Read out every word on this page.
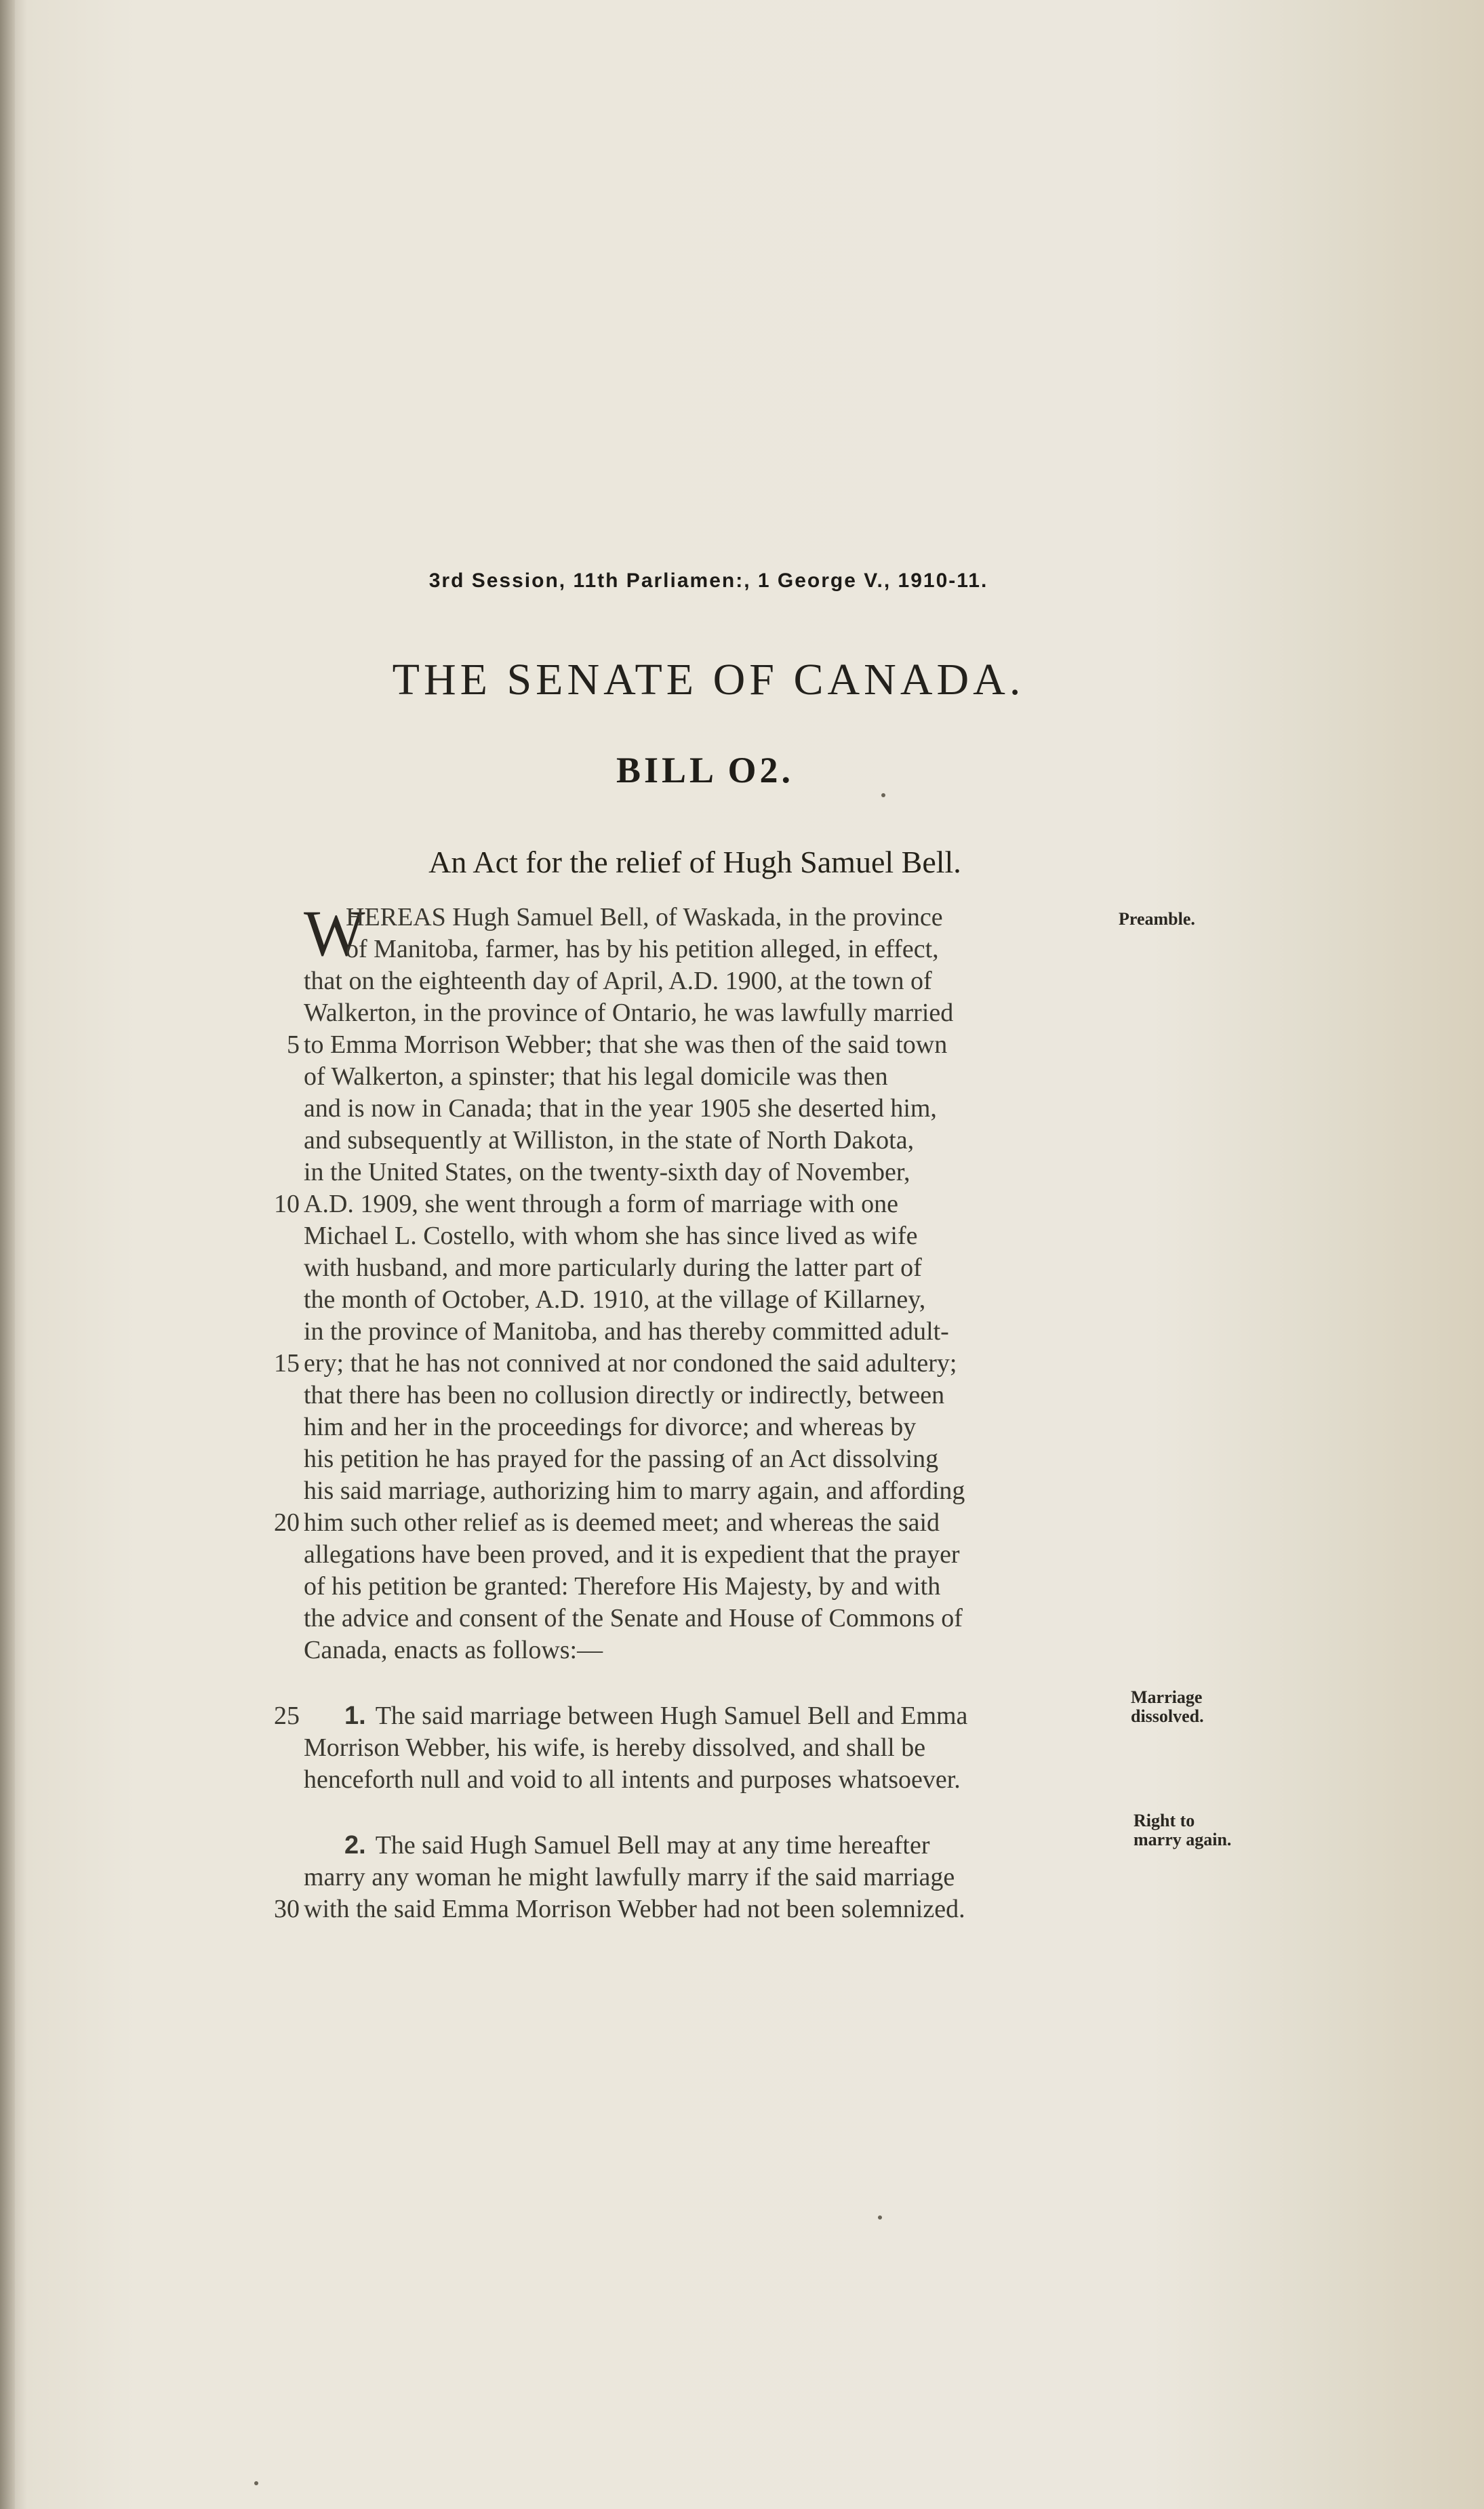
3rd Session, 11th Parliamen:, 1 George V., 1910-11.
THE SENATE OF CANADA.
BILL O2.
An Act for the relief of Hugh Samuel Bell.
Preamble.
W
HEREAS Hugh Samuel Bell, of Waskada, in the province
of Manitoba, farmer, has by his petition alleged, in effect,
that on the eighteenth day of April, A.D. 1900, at the town of
Walkerton, in the province of Ontario, he was lawfully married
5 to Emma Morrison Webber; that she was then of the said town
of Walkerton, a spinster; that his legal domicile was then
and is now in Canada; that in the year 1905 she deserted him,
and subsequently at Williston, in the state of North Dakota,
in the United States, on the twenty-sixth day of November,
10 A.D. 1909, she went through a form of marriage with one
Michael L. Costello, with whom she has since lived as wife
with husband, and more particularly during the latter part of
the month of October, A.D. 1910, at the village of Killarney,
in the province of Manitoba, and has thereby committed adult-
15 ery; that he has not connived at nor condoned the said adultery;
that there has been no collusion directly or indirectly, between
him and her in the proceedings for divorce; and whereas by
his petition he has prayed for the passing of an Act dissolving
his said marriage, authorizing him to marry again, and affording
20 him such other relief as is deemed meet; and whereas the said
allegations have been proved, and it is expedient that the prayer
of his petition be granted: Therefore His Majesty, by and with
the advice and consent of the Senate and House of Commons of
Canada, enacts as follows:—
25 1. The said marriage between Hugh Samuel Bell and Emma
Morrison Webber, his wife, is hereby dissolved, and shall be
henceforth null and void to all intents and purposes whatsoever.
2. The said Hugh Samuel Bell may at any time hereafter
marry any woman he might lawfully marry if the said marriage
30 with the said Emma Morrison Webber had not been solemnized.
Marriage
dissolved.
Right to
marry again.
